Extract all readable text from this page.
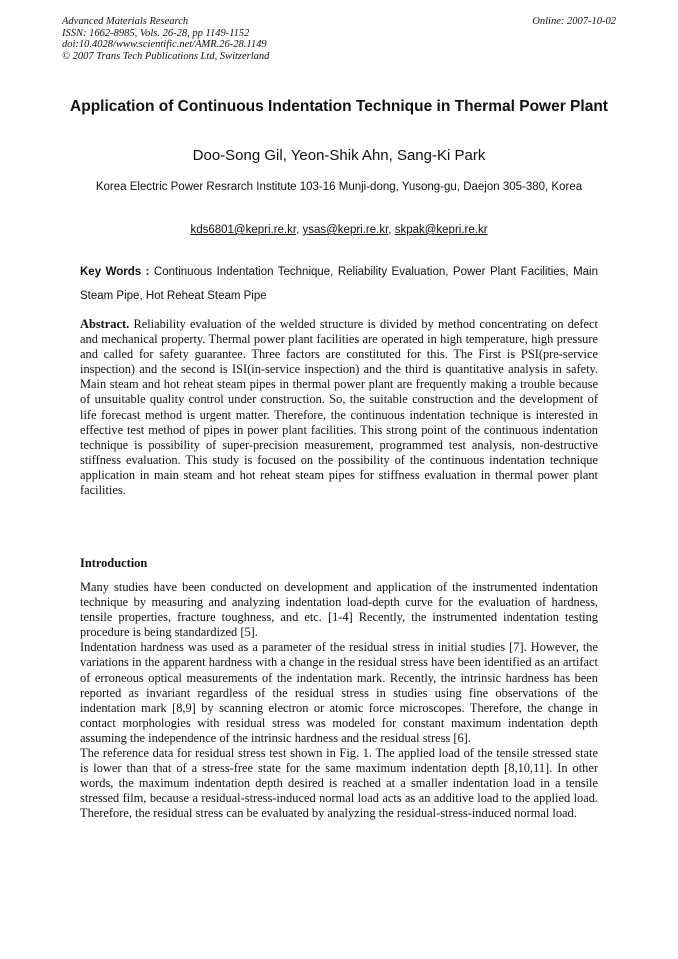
Online: 2007-10-02
Advanced Materials Research
ISSN: 1662-8985, Vols. 26-28, pp 1149-1152
doi:10.4028/www.scientific.net/AMR.26-28.1149
© 2007 Trans Tech Publications Ltd, Switzerland
Application of Continuous Indentation Technique in Thermal Power Plant
Doo-Song Gil, Yeon-Shik Ahn, Sang-Ki Park
Korea Electric Power Resrarch Institute 103-16 Munji-dong, Yusong-gu, Daejon 305-380, Korea
kds6801@kepri.re.kr, ysas@kepri.re.kr, skpak@kepri.re.kr
Key Words : Continuous Indentation Technique, Reliability Evaluation, Power Plant Facilities, Main Steam Pipe, Hot Reheat Steam Pipe

Abstract. Reliability evaluation of the welded structure is divided by method concentrating on defect and mechanical property. Thermal power plant facilities are operated in high temperature, high pressure and called for safety guarantee. Three factors are constituted for this. The First is PSI(pre-service inspection) and the second is ISI(in-service inspection) and the third is quantitative analysis in safety. Main steam and hot reheat steam pipes in thermal power plant are frequently making a trouble because of unsuitable quality control under construction. So, the suitable construction and the development of life forecast method is urgent matter. Therefore, the continuous indentation technique is interested in effective test method of pipes in power plant facilities. This strong point of the continuous indentation technique is possibility of super-precision measurement, programmed test analysis, non-destructive stiffness evaluation. This study is focused on the possibility of the continuous indentation technique application in main steam and hot reheat steam pipes for stiffness evaluation in thermal power plant facilities.

Introduction

Many studies have been conducted on development and application of the instrumented indentation technique by measuring and analyzing indentation load-depth curve for the evaluation of hardness, tensile properties, fracture toughness, and etc. [1-4] Recently, the instrumented indentation testing procedure is being standardized [5].

Indentation hardness was used as a parameter of the residual stress in initial studies [7]. However, the variations in the apparent hardness with a change in the residual stress have been identified as an artifact of erroneous optical measurements of the indentation mark. Recently, the intrinsic hardness has been reported as invariant regardless of the residual stress in studies using fine observations of the indentation mark [8,9] by scanning electron or atomic force microscopes. Therefore, the change in contact morphologies with residual stress was modeled for constant maximum indentation depth assuming the independence of the intrinsic hardness and the residual stress [6].

The reference data for residual stress test shown in Fig. 1. The applied load of the tensile stressed state is lower than that of a stress-free state for the same maximum indentation depth [8,10,11]. In other words, the maximum indentation depth desired is reached at a smaller indentation load in a tensile stressed film, because a residual-stress-induced normal load acts as an additive load to the applied load. Therefore, the residual stress can be evaluated by analyzing the residual-stress-induced normal load.
